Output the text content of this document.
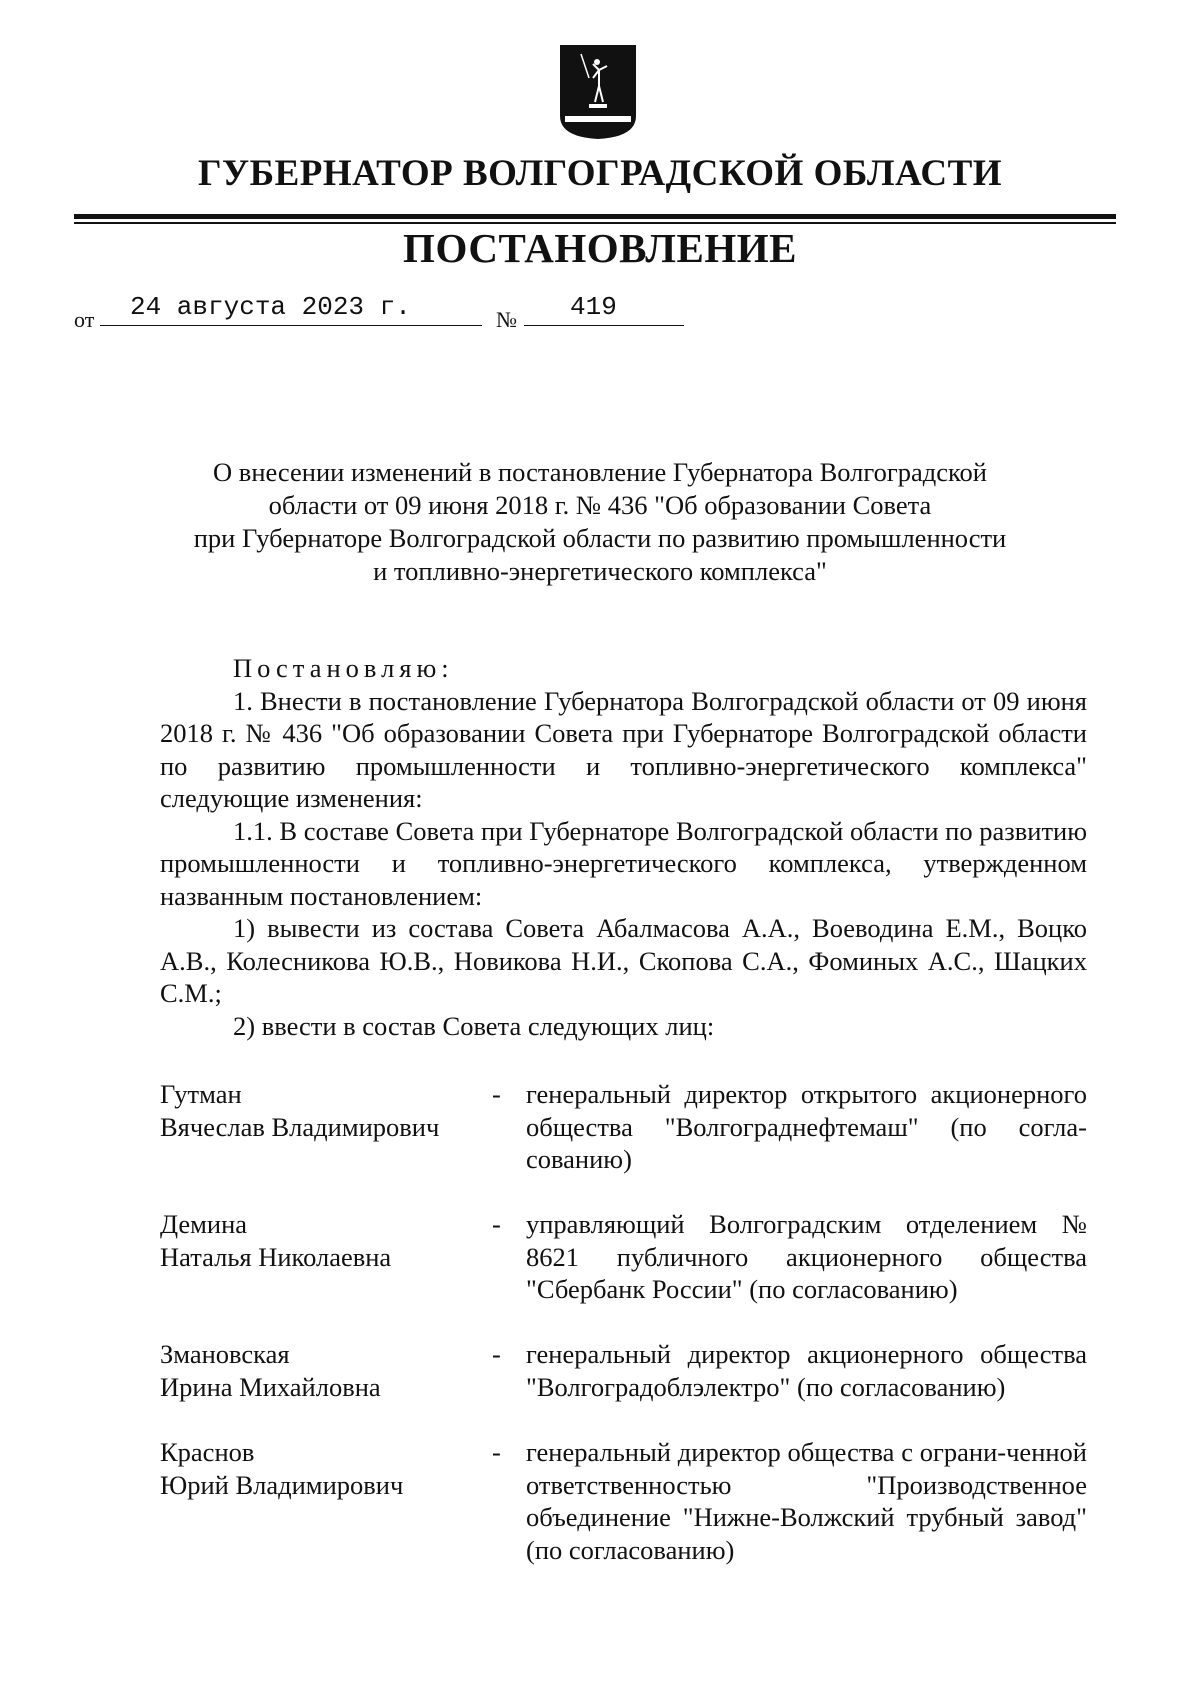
ГУБЕРНАТОР ВОЛГОГРАДСКОЙ ОБЛАСТИ
ПОСТАНОВЛЕНИЕ
от 24 августа 2023 г.	№ 419
О внесении изменений в постановление Губернатора Волгоградской
области от 09 июня 2018 г. № 436 "Об образовании Совета
при Губернаторе Волгоградской области по развитию промышленности
и топливно-энергетического комплекса"

Постановляю:

1. Внести в постановление Губернатора Волгоградской области от 09 июня 2018 г. № 436 "Об образовании Совета при Губернаторе Волгоградской области по развитию промышленности и топливно-энергетического комплекса" следующие изменения:

1.1. В составе Совета при Губернаторе Волгоградской области по развитию промышленности и топливно-энергетического комплекса, утвержденном названным постановлением:

1) вывести из состава Совета Абалмасова А.А., Воеводина Е.М., Воцко А.В., Колесникова Ю.В., Новикова Н.И., Скопова С.А., Фоминых А.С., Шацких С.М.;

2) ввести в состав Совета следующих лиц:

Гутман
Вячеслав Владимирович
- генеральный директор открытого акционерного общества "Волгограднефтемаш" (по согла-сованию)
Демина
Наталья Николаевна
- управляющий Волгоградским отделением № 8621 публичного акционерного общества "Сбербанк России" (по согласованию)
Змановская
Ирина Михайловна
- генеральный директор акционерного общества "Волгоградоблэлектро" (по согласованию)
Краснов
Юрий Владимирович
- генеральный директор общества с ограни-ченной ответственностью "Производственное объединение "Нижне-Волжский трубный завод" (по согласованию)
